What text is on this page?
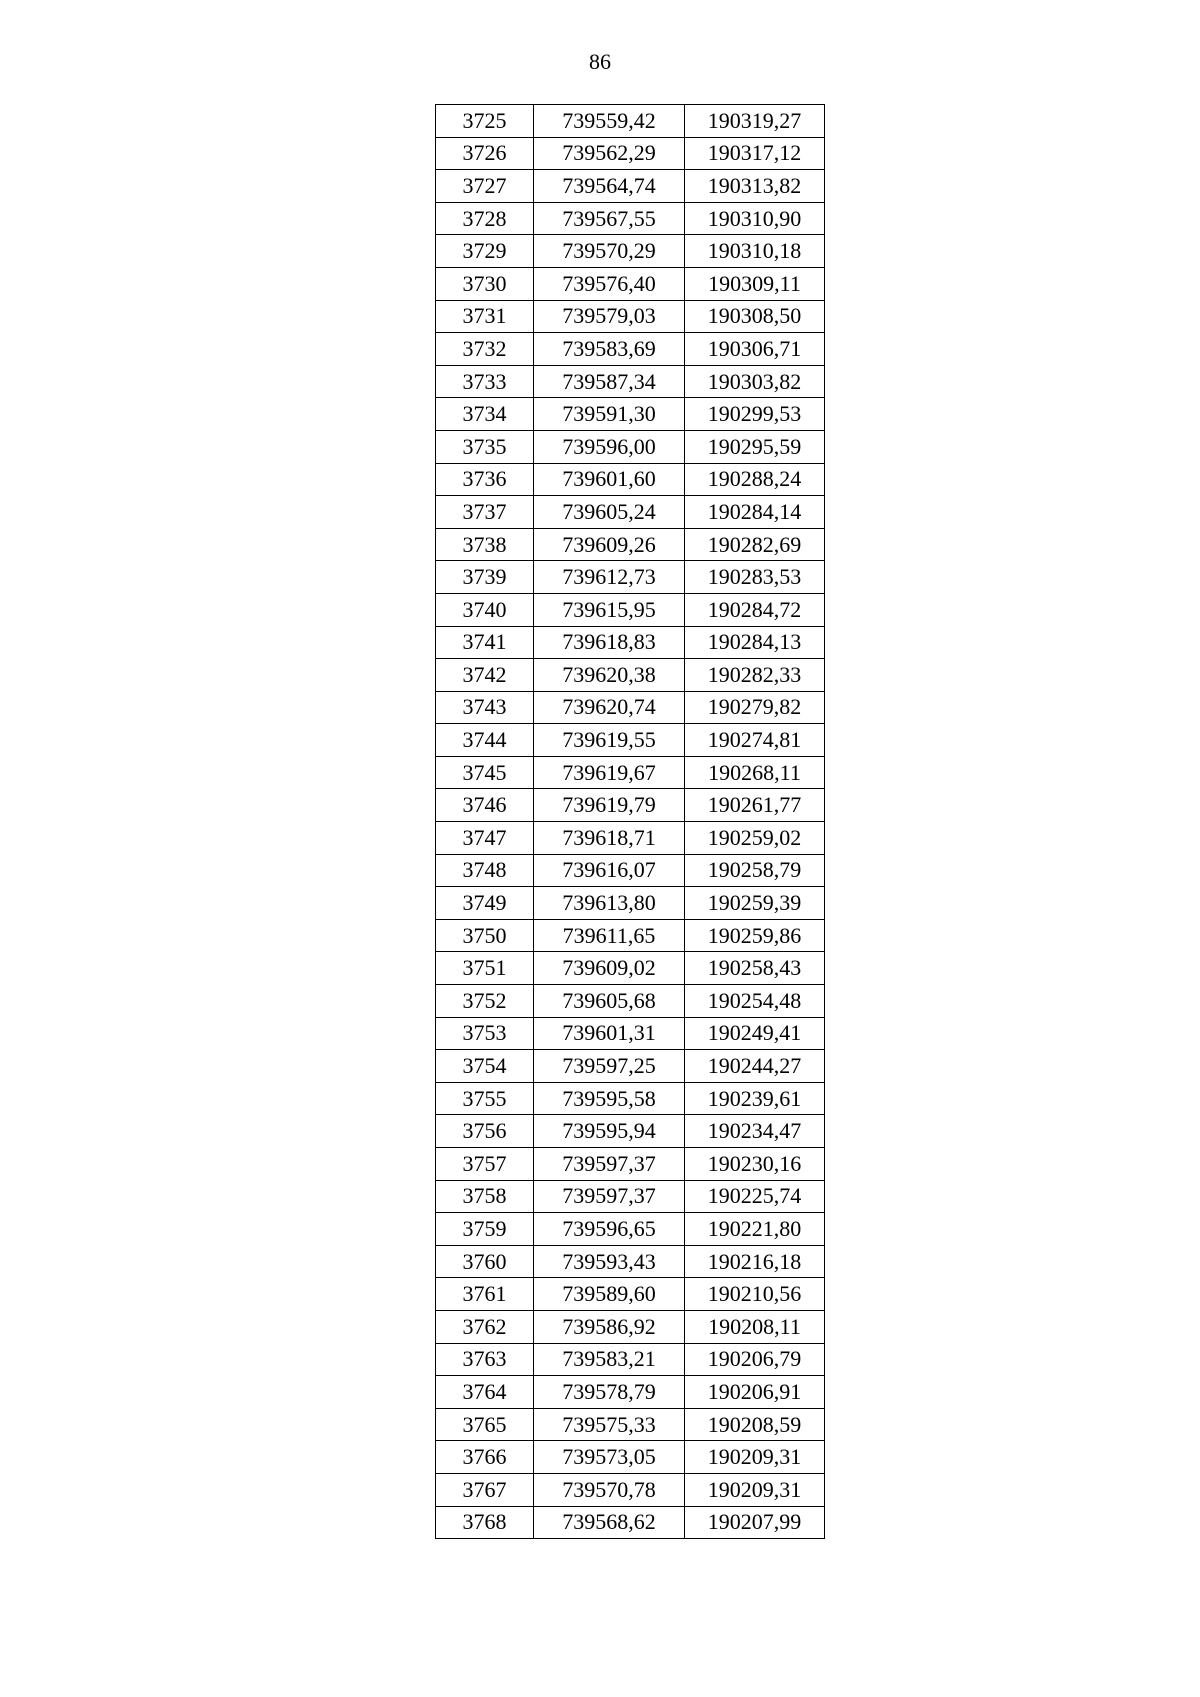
86
3725	739559,42	190319,27
3726	739562,29	190317,12
3727	739564,74	190313,82
3728	739567,55	190310,90
3729	739570,29	190310,18
3730	739576,40	190309,11
3731	739579,03	190308,50
3732	739583,69	190306,71
3733	739587,34	190303,82
3734	739591,30	190299,53
3735	739596,00	190295,59
3736	739601,60	190288,24
3737	739605,24	190284,14
3738	739609,26	190282,69
3739	739612,73	190283,53
3740	739615,95	190284,72
3741	739618,83	190284,13
3742	739620,38	190282,33
3743	739620,74	190279,82
3744	739619,55	190274,81
3745	739619,67	190268,11
3746	739619,79	190261,77
3747	739618,71	190259,02
3748	739616,07	190258,79
3749	739613,80	190259,39
3750	739611,65	190259,86
3751	739609,02	190258,43
3752	739605,68	190254,48
3753	739601,31	190249,41
3754	739597,25	190244,27
3755	739595,58	190239,61
3756	739595,94	190234,47
3757	739597,37	190230,16
3758	739597,37	190225,74
3759	739596,65	190221,80
3760	739593,43	190216,18
3761	739589,60	190210,56
3762	739586,92	190208,11
3763	739583,21	190206,79
3764	739578,79	190206,91
3765	739575,33	190208,59
3766	739573,05	190209,31
3767	739570,78	190209,31
3768	739568,62	190207,99
